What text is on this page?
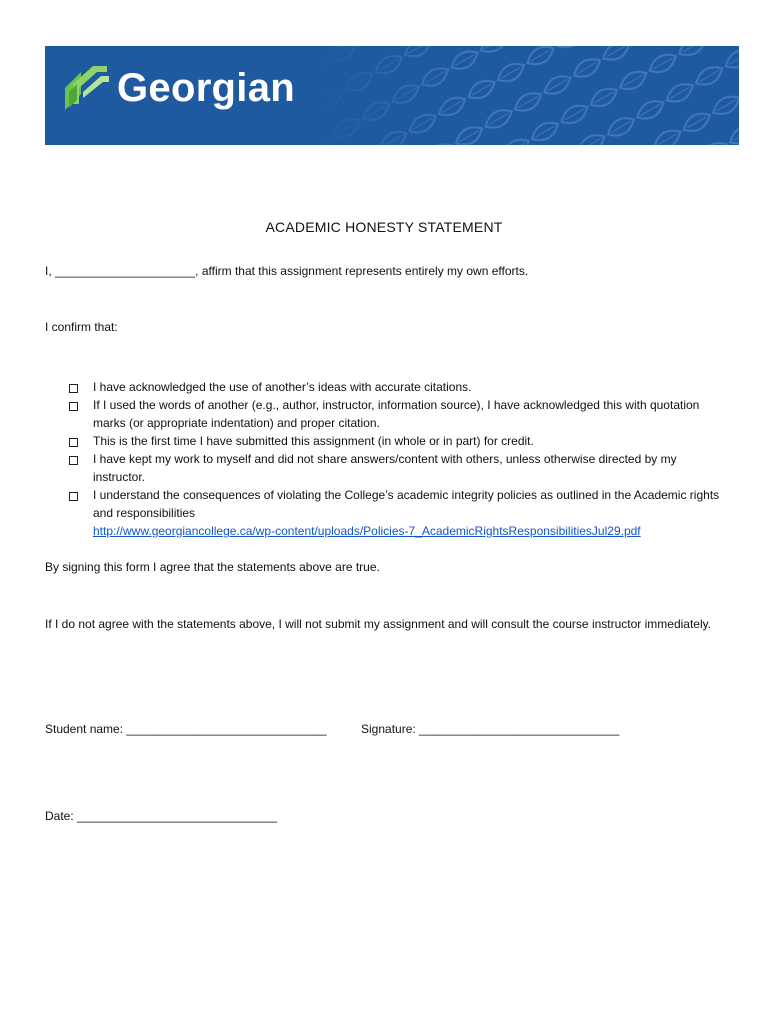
Georgian
ACADEMIC HONESTY STATEMENT
I, _____________________, affirm that this assignment represents entirely my own efforts.
I confirm that:
I have acknowledged the use of another’s ideas with accurate citations.
If I used the words of another (e.g., author, instructor, information source), I have acknowledged this with quotation marks (or appropriate indentation) and proper citation.
This is the first time I have submitted this assignment (in whole or in part) for credit.
I have kept my work to myself and did not share answers/content with others, unless otherwise directed by my instructor.
I understand the consequences of violating the College’s academic integrity policies as outlined in the Academic rights and responsibilities
http://www.georgiancollege.ca/wp-content/uploads/Policies-7_AcademicRightsResponsibilitiesJul29.pdf
By signing this form I agree that the statements above are true.
If I do not agree with the statements above, I will not submit my assignment and will consult the course instructor immediately.
Student name: ______________________________	Signature: ______________________________
Date: ______________________________
